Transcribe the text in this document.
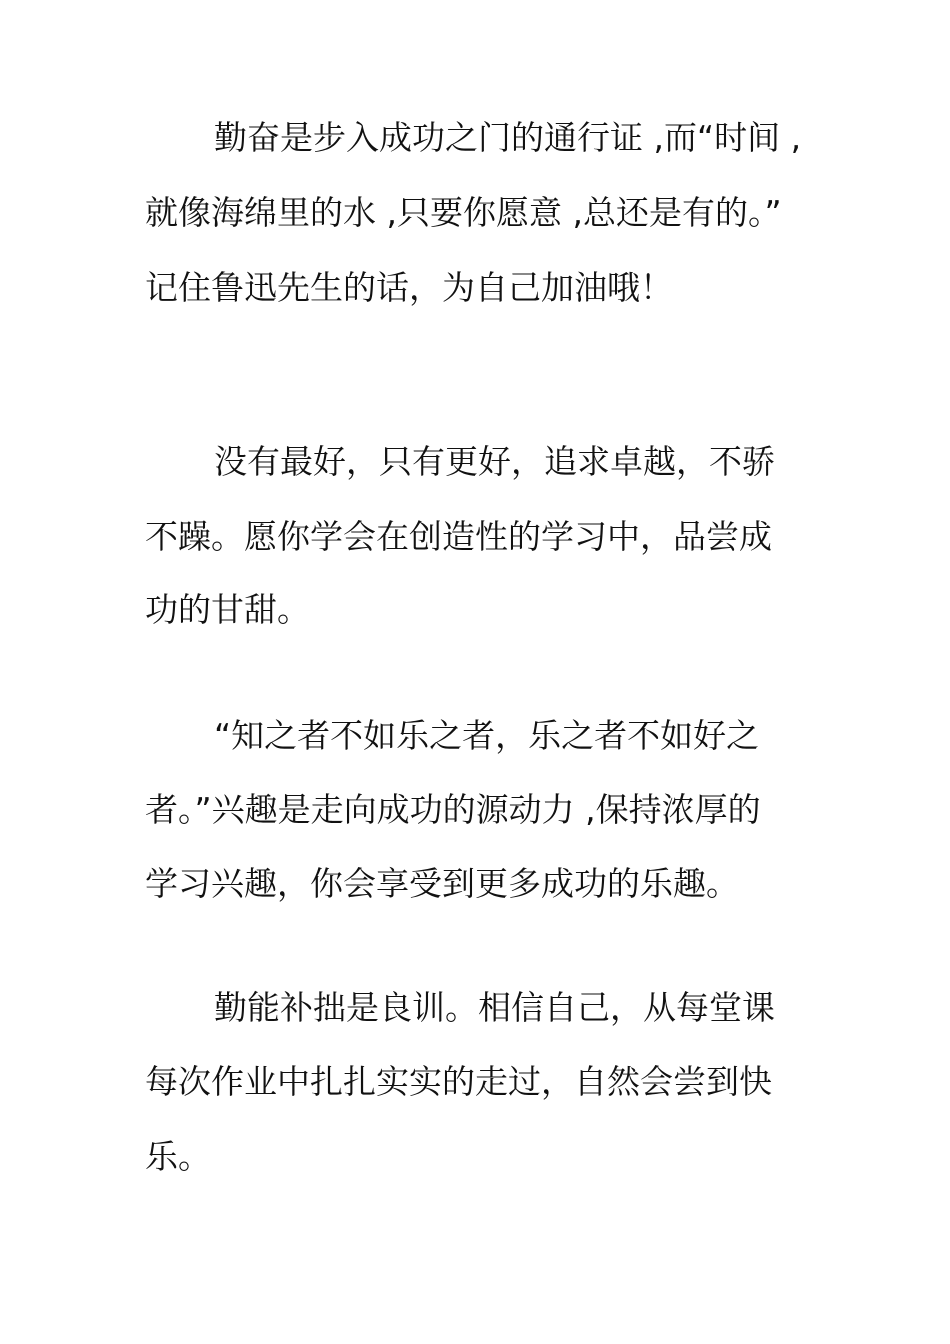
勤奋是步入成功之门的通行证 ,而“时间 ,
就像海绵里的水 ,只要你愿意 ,总还是有的。”
记住鲁迅先生的话，为自己加油哦！
没有最好，只有更好，追求卓越，不骄
不躁。愿你学会在创造性的学习中，品尝成
功的甘甜。
“知之者不如乐之者，乐之者不如好之
者。”兴趣是走向成功的源动力 ,保持浓厚的
学习兴趣，你会享受到更多成功的乐趣。
勤能补拙是良训。相信自己，从每堂课
每次作业中扎扎实实的走过，自然会尝到快
乐。
